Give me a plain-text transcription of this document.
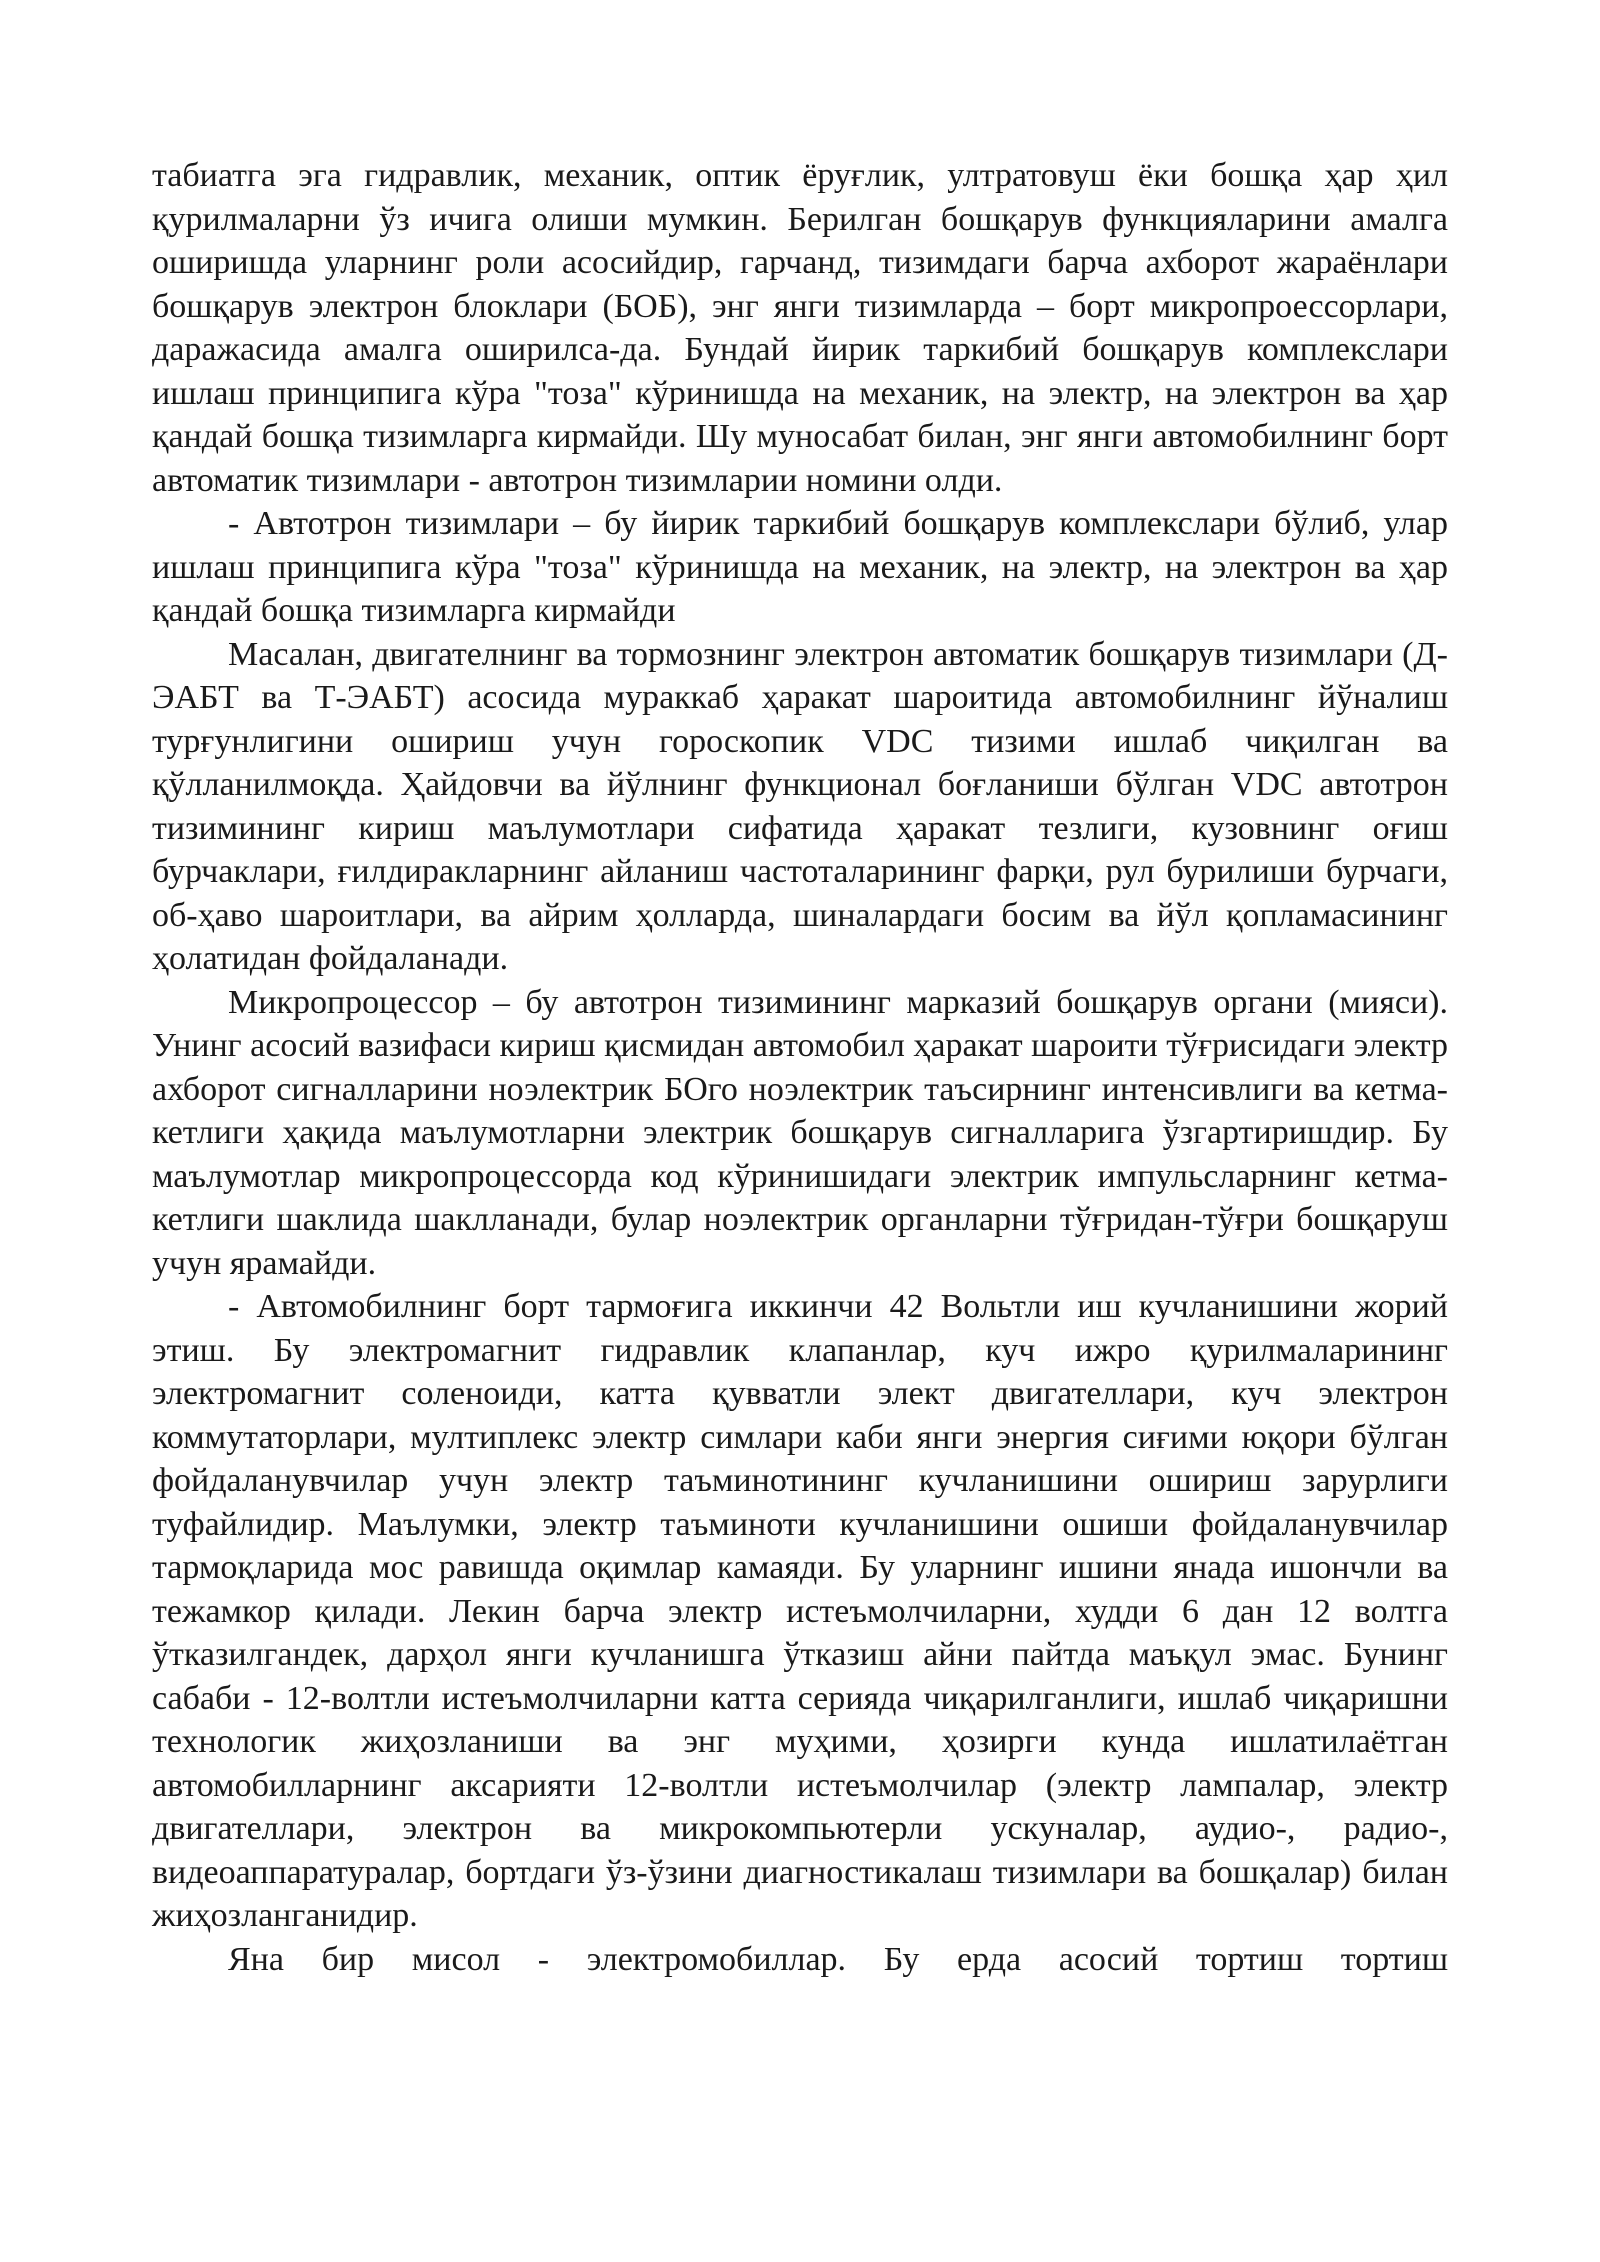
табиатга эга гидравлик, механик, оптик ёруғлик, ултратовуш ёки бошқа ҳар ҳил қурилмаларни ўз ичига олиши мумкин. Берилган бошқарув функцияларини амалга оширишда уларнинг роли асосийдир, гарчанд, тизимдаги барча ахборот жараёнлари бошқарув электрон блоклари (БОБ), энг янги тизимларда – борт микропроессорлари, даражасида амалга оширилса-да. Бундай йирик таркибий бошқарув комплекслари ишлаш принципига кўра "тоза" кўринишда на механик, на электр, на электрон ва ҳар қандай бошқа тизимларга кирмайди. Шу муносабат билан, энг янги автомобилнинг борт автоматик тизимлари - автотрон тизимларии номини олди.

- Автотрон тизимлари – бу йирик таркибий бошқарув комплекслари бўлиб, улар ишлаш принципига кўра "тоза" кўринишда на механик, на электр, на электрон ва ҳар қандай бошқа тизимларга кирмайди

Масалан, двигателнинг ва тормознинг электрон автоматик бошқарув тизимлари (Д-ЭАБТ ва Т-ЭАБТ) асосида мураккаб ҳаракат шароитида автомобилнинг йўналиш турғунлигини ошириш учун гороскопик VDC тизими ишлаб чиқилган ва қўлланилмоқда. Ҳайдовчи ва йўлнинг функционал боғланиши бўлган VDC автотрон тизимининг кириш маълумотлари сифатида ҳаракат тезлиги, кузовнинг оғиш бурчаклари, ғилдиракларнинг айланиш частоталарининг фарқи, рул бурилиши бурчаги, об-ҳаво шароитлари, ва айрим ҳолларда, шиналардаги босим ва йўл қопламасининг ҳолатидан фойдаланади.

Микропроцессор – бу автотрон тизимининг марказий бошқарув органи (мияси). Унинг асосий вазифаси кириш қисмидан автомобил ҳаракат шароити тўғрисидаги электр ахборот сигналларини ноэлектрик БОго ноэлектрик таъсирнинг интенсивлиги ва кетма-кетлиги ҳақида маълумотларни электрик бошқарув сигналларига ўзгартиришдир. Бу маълумотлар микропроцессорда код кўринишидаги электрик импульсларнинг кетма-кетлиги шаклида шаклланади, булар ноэлектрик органларни тўғридан-тўғри бошқаруш учун ярамайди.

- Автомобилнинг борт тармоғига иккинчи 42 Вольтли иш кучланишини жорий этиш. Бу электромагнит гидравлик клапанлар, куч ижро қурилмаларининг электромагнит соленоиди, катта қувватли элект двигателлари, куч электрон коммутаторлари, мултиплекс электр симлари каби янги энергия сиғими юқори бўлган фойдаланувчилар учун электр таъминотининг кучланишини ошириш зарурлиги туфайлидир. Маълумки, электр таъминоти кучланишини ошиши фойдаланувчилар тармоқларида мос равишда оқимлар камаяди. Бу уларнинг ишини янада ишончли ва тежамкор қилади. Лекин барча электр истеъмолчиларни, худди 6 дан 12 волтга ўтказилгандек, дарҳол янги кучланишга ўтказиш айни пайтда маъқул эмас. Бунинг сабаби - 12-волтли истеъмолчиларни катта серияда чиқарилганлиги, ишлаб чиқаришни технологик жиҳозланиши ва энг муҳими, ҳозирги кунда ишлатилаётган автомобилларнинг аксарияти 12-волтли истеъмолчилар (электр лампалар, электр двигателлари, электрон ва микрокомпьютерли ускуналар, аудио-, радио-, видеоаппаратуралар, бортдаги ўз-ўзини диагностикалаш тизимлари ва бошқалар) билан жиҳозланганидир.

Яна бир мисол - электромобиллар. Бу ерда асосий тортиш тортиш
